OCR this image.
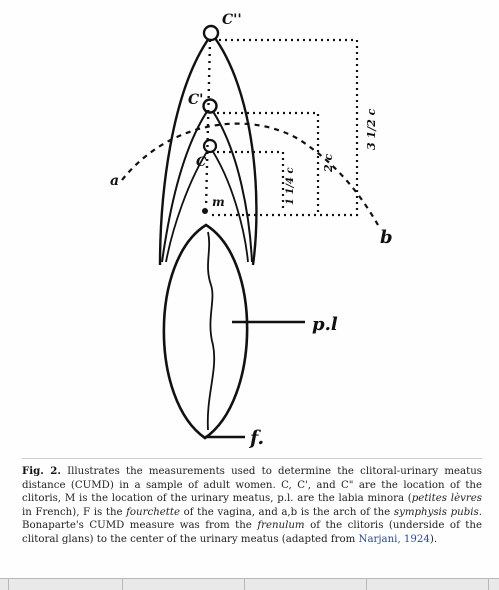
C''
C'
C
m
a
b
p.l
f.
1 1/4 c
2 c
3 1/2 c
Fig. 2. Illustrates the measurements used to determine the clitoral-urinary meatus distance (CUMD) in a sample of adult women. C, C', and C" are the location of the clitoris, M is the location of the urinary meatus, p.l. are the labia minora (petites lèvres in French), F is the fourchette of the vagina, and a,b is the arch of the symphysis pubis. Bonaparte's CUMD measure was from the frenulum of the clitoris (underside of the clitoral glans) to the center of the urinary meatus (adapted from Narjani, 1924).
